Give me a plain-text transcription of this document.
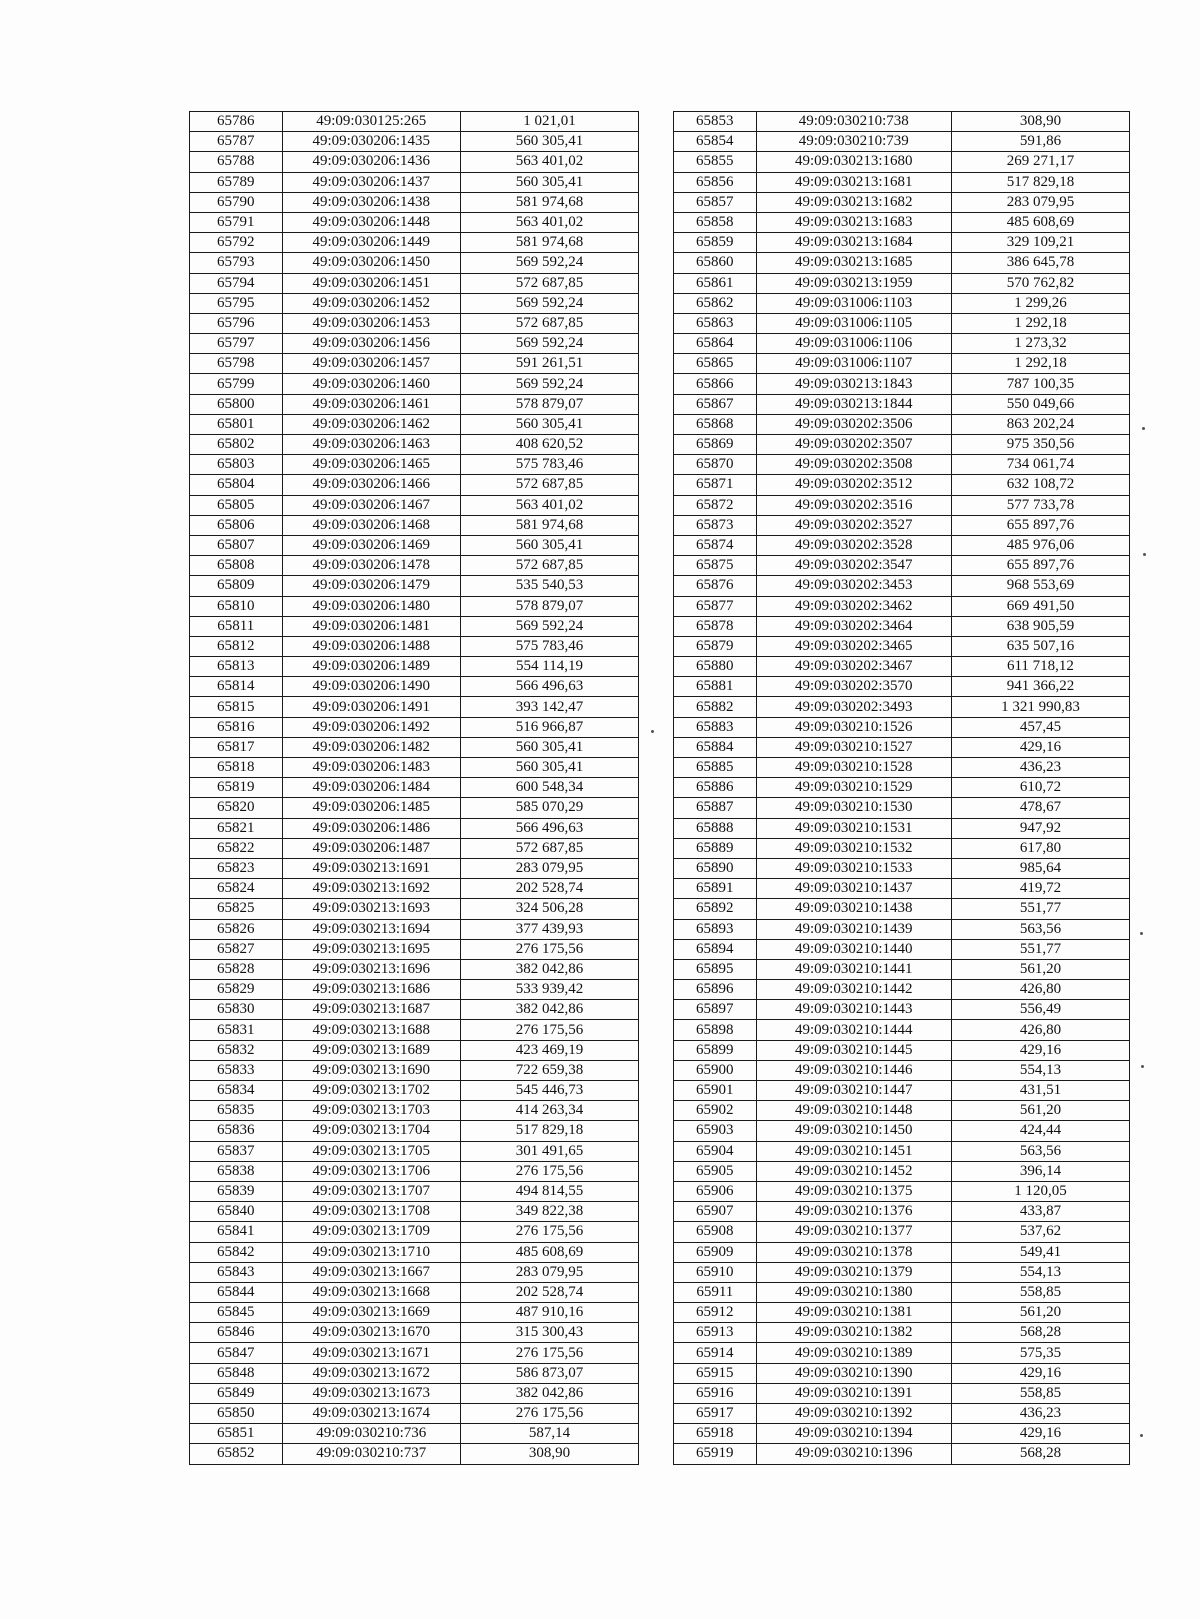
65786	49:09:030125:265	1 021,01
65787	49:09:030206:1435	560 305,41
65788	49:09:030206:1436	563 401,02
65789	49:09:030206:1437	560 305,41
65790	49:09:030206:1438	581 974,68
65791	49:09:030206:1448	563 401,02
65792	49:09:030206:1449	581 974,68
65793	49:09:030206:1450	569 592,24
65794	49:09:030206:1451	572 687,85
65795	49:09:030206:1452	569 592,24
65796	49:09:030206:1453	572 687,85
65797	49:09:030206:1456	569 592,24
65798	49:09:030206:1457	591 261,51
65799	49:09:030206:1460	569 592,24
65800	49:09:030206:1461	578 879,07
65801	49:09:030206:1462	560 305,41
65802	49:09:030206:1463	408 620,52
65803	49:09:030206:1465	575 783,46
65804	49:09:030206:1466	572 687,85
65805	49:09:030206:1467	563 401,02
65806	49:09:030206:1468	581 974,68
65807	49:09:030206:1469	560 305,41
65808	49:09:030206:1478	572 687,85
65809	49:09:030206:1479	535 540,53
65810	49:09:030206:1480	578 879,07
65811	49:09:030206:1481	569 592,24
65812	49:09:030206:1488	575 783,46
65813	49:09:030206:1489	554 114,19
65814	49:09:030206:1490	566 496,63
65815	49:09:030206:1491	393 142,47
65816	49:09:030206:1492	516 966,87
65817	49:09:030206:1482	560 305,41
65818	49:09:030206:1483	560 305,41
65819	49:09:030206:1484	600 548,34
65820	49:09:030206:1485	585 070,29
65821	49:09:030206:1486	566 496,63
65822	49:09:030206:1487	572 687,85
65823	49:09:030213:1691	283 079,95
65824	49:09:030213:1692	202 528,74
65825	49:09:030213:1693	324 506,28
65826	49:09:030213:1694	377 439,93
65827	49:09:030213:1695	276 175,56
65828	49:09:030213:1696	382 042,86
65829	49:09:030213:1686	533 939,42
65830	49:09:030213:1687	382 042,86
65831	49:09:030213:1688	276 175,56
65832	49:09:030213:1689	423 469,19
65833	49:09:030213:1690	722 659,38
65834	49:09:030213:1702	545 446,73
65835	49:09:030213:1703	414 263,34
65836	49:09:030213:1704	517 829,18
65837	49:09:030213:1705	301 491,65
65838	49:09:030213:1706	276 175,56
65839	49:09:030213:1707	494 814,55
65840	49:09:030213:1708	349 822,38
65841	49:09:030213:1709	276 175,56
65842	49:09:030213:1710	485 608,69
65843	49:09:030213:1667	283 079,95
65844	49:09:030213:1668	202 528,74
65845	49:09:030213:1669	487 910,16
65846	49:09:030213:1670	315 300,43
65847	49:09:030213:1671	276 175,56
65848	49:09:030213:1672	586 873,07
65849	49:09:030213:1673	382 042,86
65850	49:09:030213:1674	276 175,56
65851	49:09:030210:736	587,14
65852	49:09:030210:737	308,90
65853	49:09:030210:738	308,90
65854	49:09:030210:739	591,86
65855	49:09:030213:1680	269 271,17
65856	49:09:030213:1681	517 829,18
65857	49:09:030213:1682	283 079,95
65858	49:09:030213:1683	485 608,69
65859	49:09:030213:1684	329 109,21
65860	49:09:030213:1685	386 645,78
65861	49:09:030213:1959	570 762,82
65862	49:09:031006:1103	1 299,26
65863	49:09:031006:1105	1 292,18
65864	49:09:031006:1106	1 273,32
65865	49:09:031006:1107	1 292,18
65866	49:09:030213:1843	787 100,35
65867	49:09:030213:1844	550 049,66
65868	49:09:030202:3506	863 202,24
65869	49:09:030202:3507	975 350,56
65870	49:09:030202:3508	734 061,74
65871	49:09:030202:3512	632 108,72
65872	49:09:030202:3516	577 733,78
65873	49:09:030202:3527	655 897,76
65874	49:09:030202:3528	485 976,06
65875	49:09:030202:3547	655 897,76
65876	49:09:030202:3453	968 553,69
65877	49:09:030202:3462	669 491,50
65878	49:09:030202:3464	638 905,59
65879	49:09:030202:3465	635 507,16
65880	49:09:030202:3467	611 718,12
65881	49:09:030202:3570	941 366,22
65882	49:09:030202:3493	1 321 990,83
65883	49:09:030210:1526	457,45
65884	49:09:030210:1527	429,16
65885	49:09:030210:1528	436,23
65886	49:09:030210:1529	610,72
65887	49:09:030210:1530	478,67
65888	49:09:030210:1531	947,92
65889	49:09:030210:1532	617,80
65890	49:09:030210:1533	985,64
65891	49:09:030210:1437	419,72
65892	49:09:030210:1438	551,77
65893	49:09:030210:1439	563,56
65894	49:09:030210:1440	551,77
65895	49:09:030210:1441	561,20
65896	49:09:030210:1442	426,80
65897	49:09:030210:1443	556,49
65898	49:09:030210:1444	426,80
65899	49:09:030210:1445	429,16
65900	49:09:030210:1446	554,13
65901	49:09:030210:1447	431,51
65902	49:09:030210:1448	561,20
65903	49:09:030210:1450	424,44
65904	49:09:030210:1451	563,56
65905	49:09:030210:1452	396,14
65906	49:09:030210:1375	1 120,05
65907	49:09:030210:1376	433,87
65908	49:09:030210:1377	537,62
65909	49:09:030210:1378	549,41
65910	49:09:030210:1379	554,13
65911	49:09:030210:1380	558,85
65912	49:09:030210:1381	561,20
65913	49:09:030210:1382	568,28
65914	49:09:030210:1389	575,35
65915	49:09:030210:1390	429,16
65916	49:09:030210:1391	558,85
65917	49:09:030210:1392	436,23
65918	49:09:030210:1394	429,16
65919	49:09:030210:1396	568,28
